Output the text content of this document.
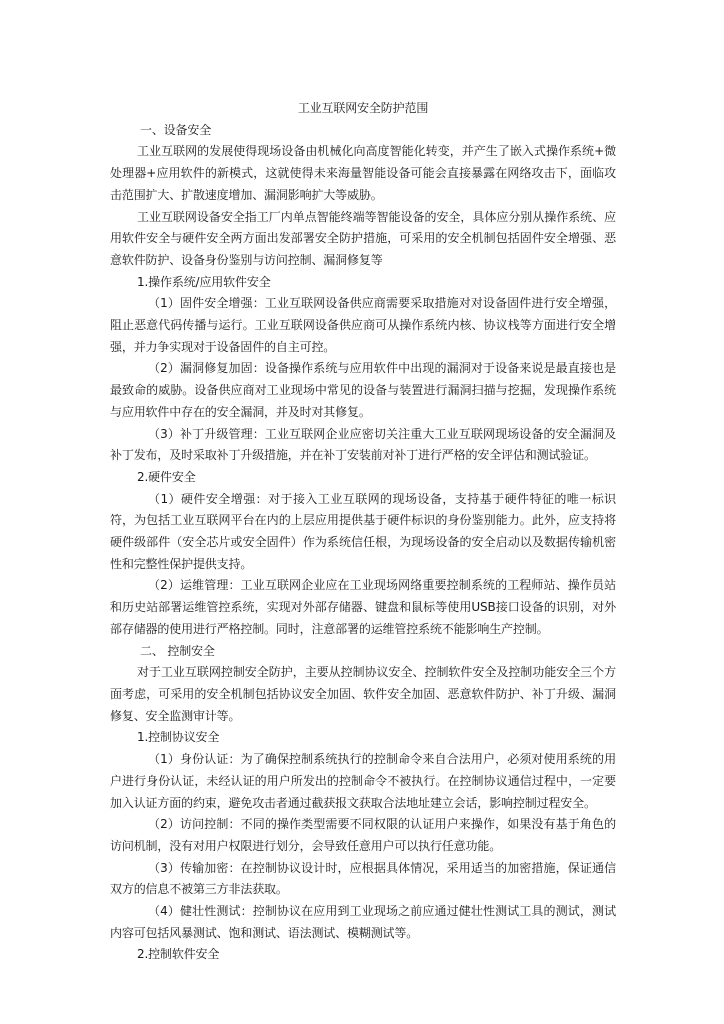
工业互联网安全防护范围

一、设备安全

工业互联网的发展使得现场设备由机械化向高度智能化转变，并产生了嵌入式操作系统+微处理器+应用软件的新模式，这就使得未来海量智能设备可能会直接暴露在网络攻击下，面临攻击范围扩大、扩散速度增加、漏洞影响扩大等威胁。

工业互联网设备安全指工厂内单点智能终端等智能设备的安全，具体应分别从操作系统、应用软件安全与硬件安全两方面出发部署安全防护措施，可采用的安全机制包括固件安全增强、恶意软件防护、设备身份鉴别与访问控制、漏洞修复等

1.操作系统/应用软件安全

（1）固件安全增强：工业互联网设备供应商需要采取措施对对设备固件进行安全增强，阻止恶意代码传播与运行。工业互联网设备供应商可从操作系统内核、协议栈等方面进行安全增强，并力争实现对于设备固件的自主可控。

（2）漏洞修复加固：设备操作系统与应用软件中出现的漏洞对于设备来说是最直接也是最致命的威胁。设备供应商对工业现场中常见的设备与装置进行漏洞扫描与挖掘，发现操作系统与应用软件中存在的安全漏洞，并及时对其修复。

（3）补丁升级管理：工业互联网企业应密切关注重大工业互联网现场设备的安全漏洞及补丁发布，及时采取补丁升级措施，并在补丁安装前对补丁进行严格的安全评估和测试验证。

2.硬件安全

（1）硬件安全增强：对于接入工业互联网的现场设备，支持基于硬件特征的唯一标识符，为包括工业互联网平台在内的上层应用提供基于硬件标识的身份鉴别能力。此外，应支持将硬件级部件（安全芯片或安全固件）作为系统信任根，为现场设备的安全启动以及数据传输机密性和完整性保护提供支持。

（2）运维管理：工业互联网企业应在工业现场网络重要控制系统的工程师站、操作员站和历史站部署运维管控系统，实现对外部存储器、键盘和鼠标等使用USB接口设备的识别，对外部存储器的使用进行严格控制。同时，注意部署的运维管控系统不能影响生产控制。

二、 控制安全

对于工业互联网控制安全防护，主要从控制协议安全、控制软件安全及控制功能安全三个方面考虑，可采用的安全机制包括协议安全加固、软件安全加固、恶意软件防护、补丁升级、漏洞修复、安全监测审计等。

1.控制协议安全

（1）身份认证：为了确保控制系统执行的控制命令来自合法用户，必须对使用系统的用户进行身份认证，未经认证的用户所发出的控制命令不被执行。在控制协议通信过程中，一定要加入认证方面的约束，避免攻击者通过截获报文获取合法地址建立会话，影响控制过程安全。

（2）访问控制：不同的操作类型需要不同权限的认证用户来操作，如果没有基于角色的访问机制，没有对用户权限进行划分，会导致任意用户可以执行任意功能。

（3）传输加密：在控制协议设计时，应根据具体情况，采用适当的加密措施，保证通信双方的信息不被第三方非法获取。

（4）健壮性测试：控制协议在应用到工业现场之前应通过健壮性测试工具的测试，测试内容可包括风暴测试、饱和测试、语法测试、模糊测试等。

2.控制软件安全
